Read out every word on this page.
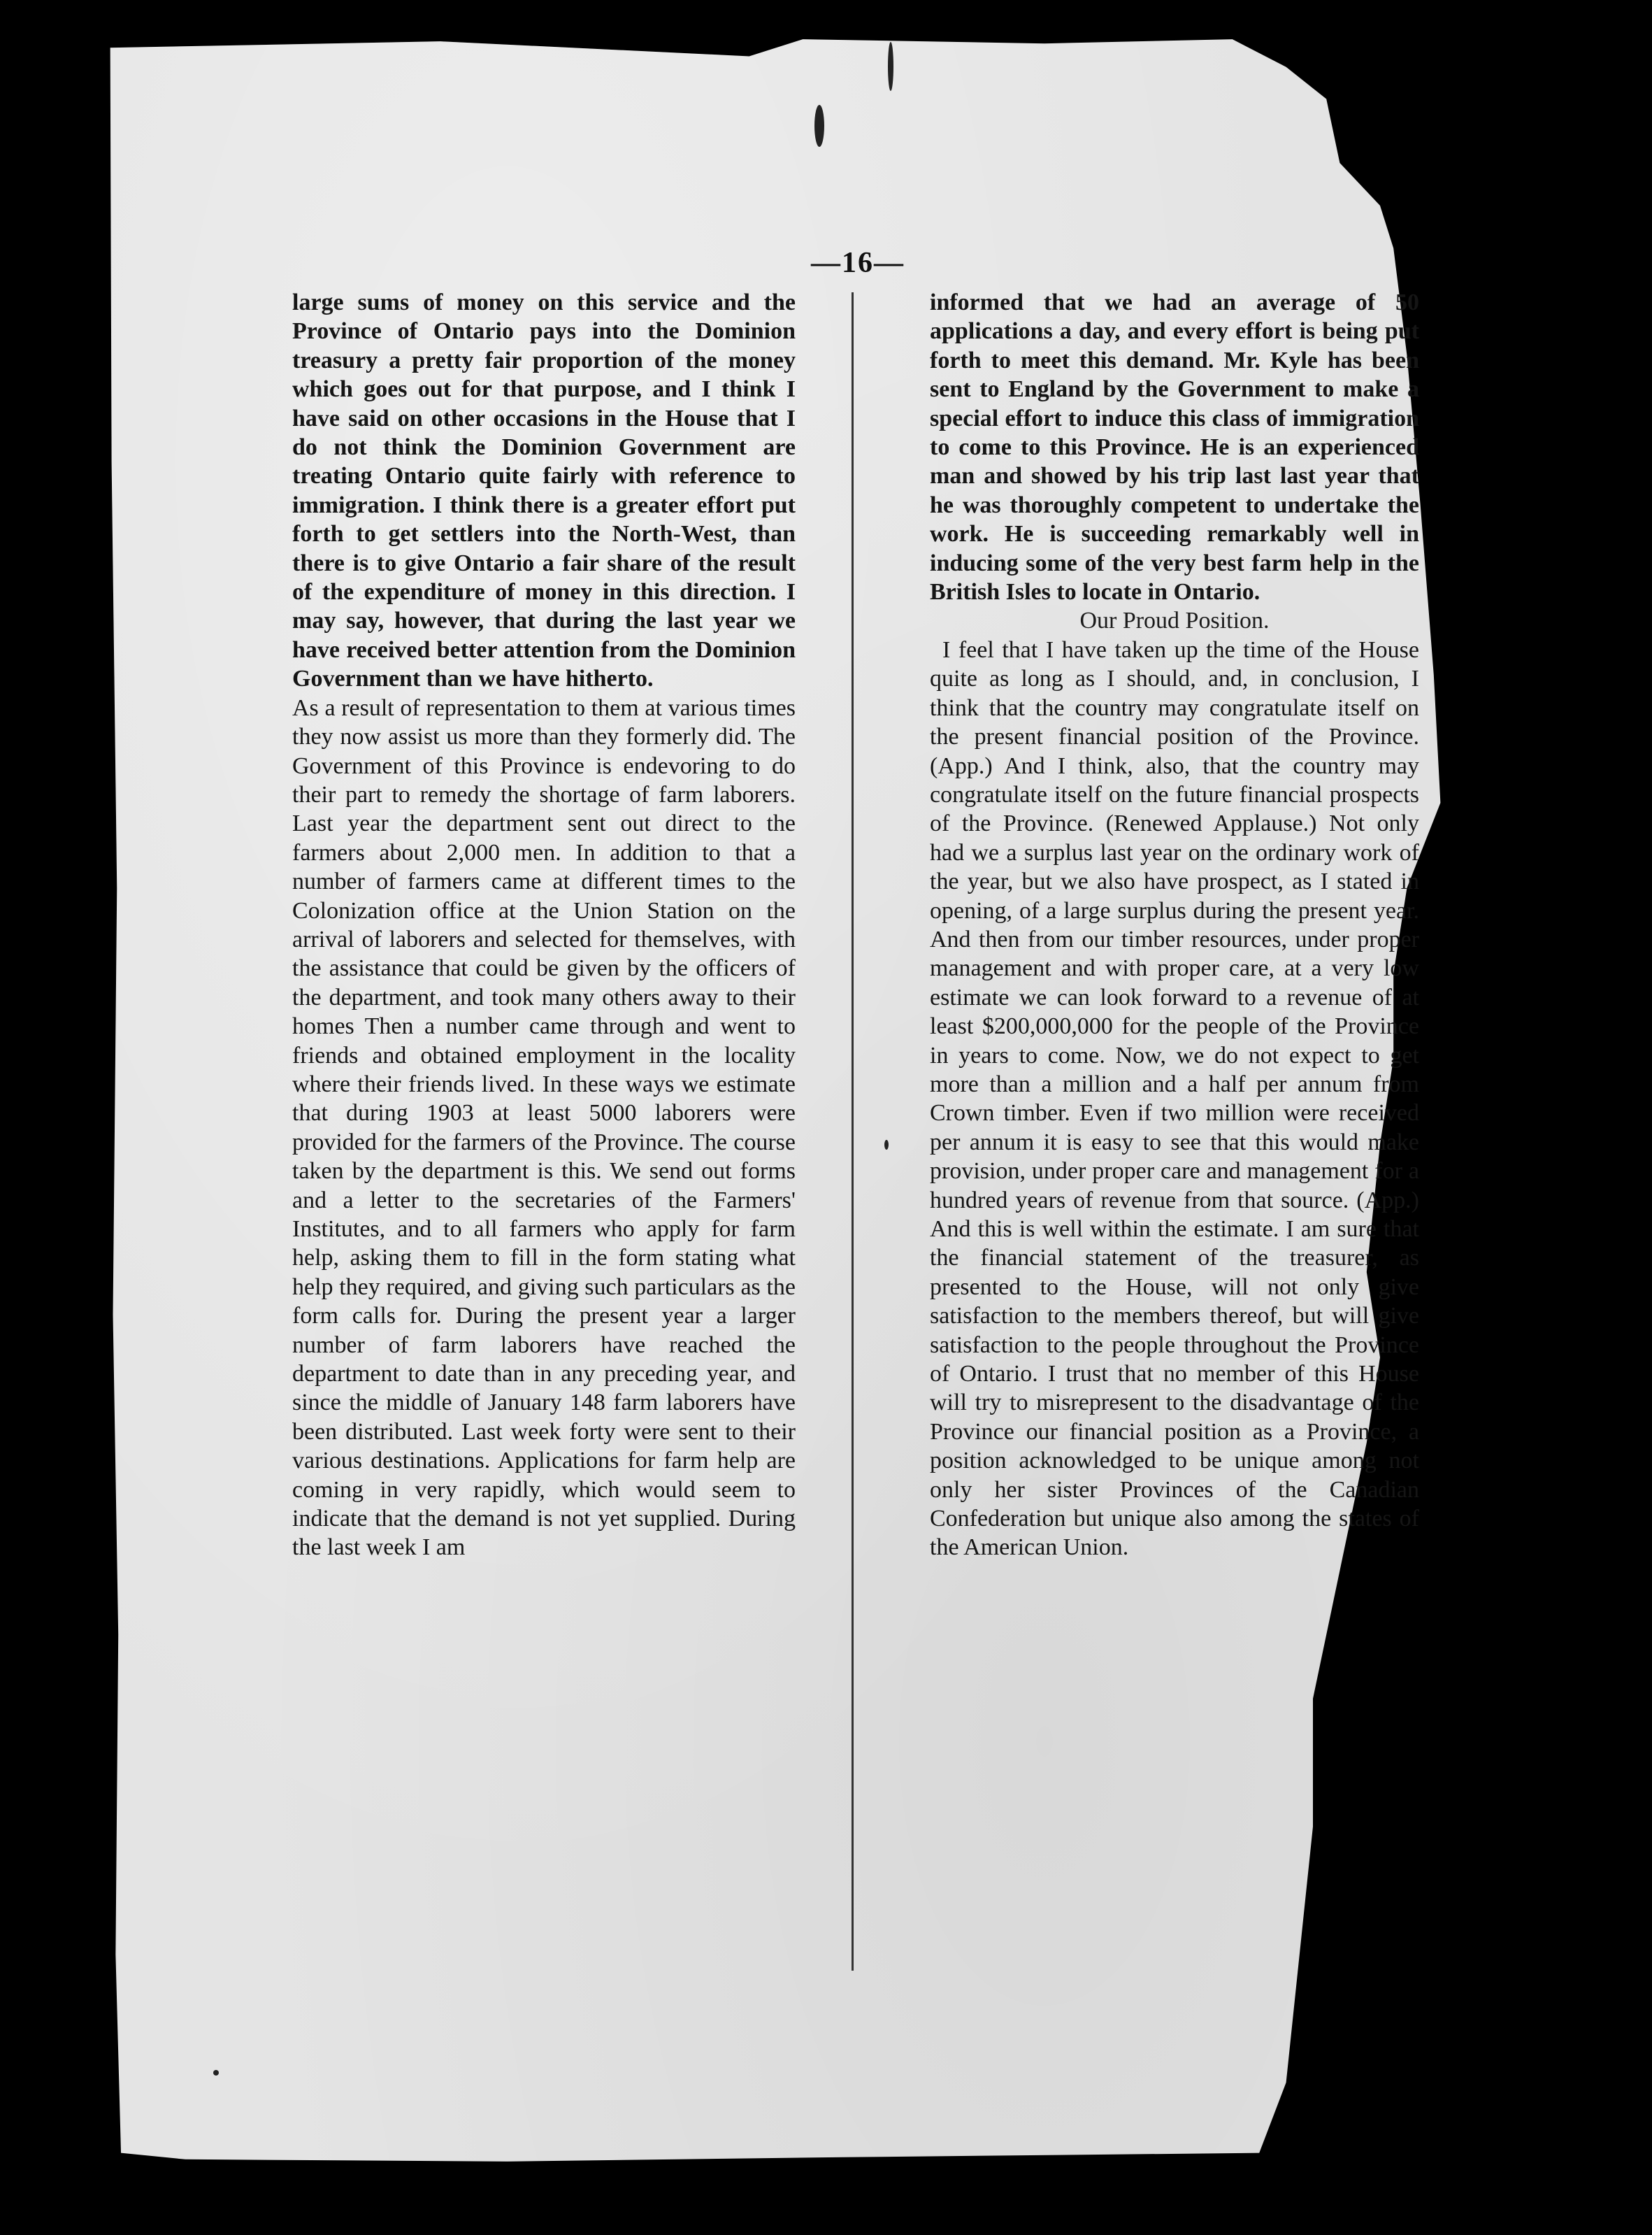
—16—

large sums of money on this service and the Province of Ontario pays into the Dominion treasury a pretty fair proportion of the money which goes out for that purpose, and I think I have said on other occasions in the House that I do not think the Dominion Government are treating Ontario quite fairly with reference to immigration. I think there is a greater effort put forth to get settlers into the North-West, than there is to give Ontario a fair share of the result of the expenditure of money in this direction. I may say, however, that during the last year we have received better attention from the Dominion Government than we have hitherto.

As a result of representation to them at various times they now assist us more than they formerly did. The Government of this Province is endevoring to do their part to remedy the shortage of farm laborers. Last year the department sent out direct to the farmers about 2,000 men. In addition to that a number of farmers came at different times to the Colonization office at the Union Station on the arrival of laborers and selected for themselves, with the assistance that could be given by the officers of the department, and took many others away to their homes Then a number came through and went to friends and obtained employment in the locality where their friends lived. In these ways we estimate that during 1903 at least 5000 laborers were provided for the farmers of the Province. The course taken by the department is this. We send out forms and a letter to the secretaries of the Farmers' Institutes, and to all farmers who apply for farm help, asking them to fill in the form stating what help they required, and giving such particulars as the form calls for. During the present year a larger number of farm laborers have reached the department to date than in any preceding year, and since the middle of January 148 farm laborers have been distributed. Last week forty were sent to their various destinations. Applications for farm help are coming in very rapidly, which would seem to indicate that the demand is not yet supplied. During the last week I am

informed that we had an average of 50 applications a day, and every effort is being put forth to meet this demand. Mr. Kyle has been sent to England by the Government to make a special effort to induce this class of immigration to come to this Province. He is an experienced man and showed by his trip last last year that he was thoroughly competent to undertake the work. He is succeeding remarkably well in inducing some of the very best farm help in the British Isles to locate in Ontario.

Our Proud Position.

I feel that I have taken up the time of the House quite as long as I should, and, in conclusion, I think that the country may congratulate itself on the present financial position of the Province. (App.) And I think, also, that the country may congratulate itself on the future financial prospects of the Province. (Renewed Applause.) Not only had we a surplus last year on the ordinary work of the year, but we also have prospect, as I stated in opening, of a large surplus during the present year. And then from our timber resources, under proper management and with proper care, at a very low estimate we can look forward to a revenue of at least $200,000,000 for the people of the Province in years to come. Now, we do not expect to get more than a million and a half per annum from Crown timber. Even if two million were received per annum it is easy to see that this would make provision, under proper care and management for a hundred years of revenue from that source. (App.) And this is well within the estimate. I am sure that the financial statement of the treasurer, as presented to the House, will not only give satisfaction to the members thereof, but will give satisfaction to the people throughout the Province of Ontario. I trust that no member of this House will try to misrepresent to the disadvantage of the Province our financial position as a Province, a position acknowledged to be unique among not only her sister Provinces of the Canadian Confederation but unique also among the states of the American Union.
